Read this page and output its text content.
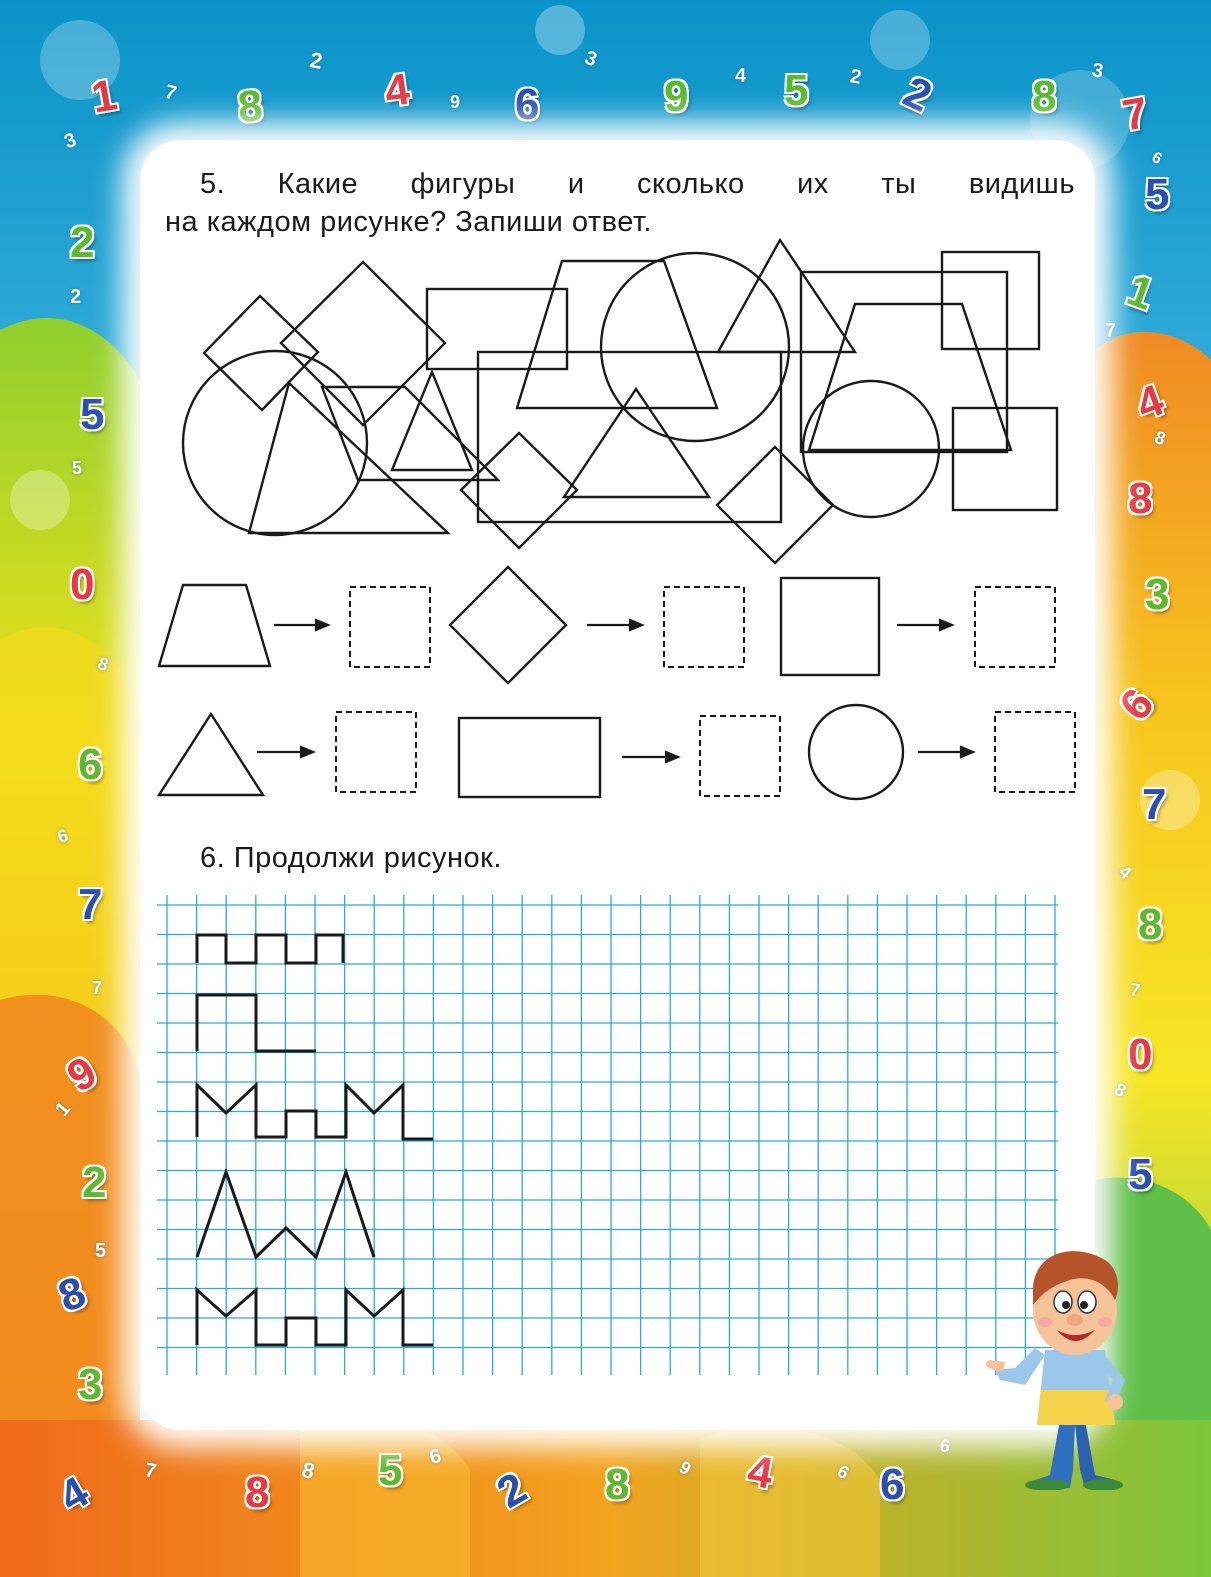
1 7 8
2
4 9 6
3
9 4 5 2 2 8
3
7
3
2
2
5
5
0
8
6
6
7
7
9
1
2
5
8
3
4 7 8 8 5 6
2 8	9 4	6 6
6
5
1
7
4
8
8
3
6
7
4
8
7
0
8
5
6
5. Какие фигуры и сколько их ты видишь
на каждом рисунке? Запиши ответ.
6. Продолжи рисунок.
